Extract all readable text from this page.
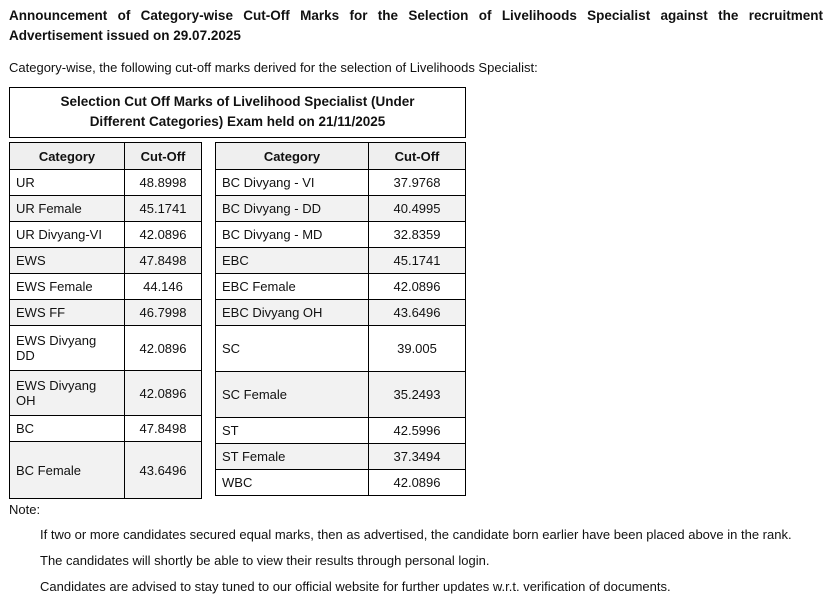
Announcement of Category-wise Cut-Off Marks for the Selection of Livelihoods Specialist against the recruitment Advertisement issued on 29.07.2025

Category-wise, the following cut-off marks derived for the selection of Livelihoods Specialist:

Selection Cut Off Marks of Livelihood Specialist (Under Different Categories) Exam held on 21/11/2025
Category	Cut-Off
UR	48.8998
UR Female	45.1741
UR Divyang-VI	42.0896
EWS	47.8498
EWS Female	44.146
EWS FF	46.7998
EWS Divyang DD	42.0896
EWS Divyang OH	42.0896
BC	47.8498
BC Female	43.6496
Category	Cut-Off
BC Divyang - VI	37.9768
BC Divyang - DD	40.4995
BC Divyang - MD	32.8359
EBC	45.1741
EBC Female	42.0896
EBC Divyang OH	43.6496
SC	39.005
SC Female	35.2493
ST	42.5996
ST Female	37.3494
WBC	42.0896
Note:

If two or more candidates secured equal marks, then as advertised, the candidate born earlier have been placed above in the rank.

The candidates will shortly be able to view their results through personal login.

Candidates are advised to stay tuned to our official website for further updates w.r.t. verification of documents.
